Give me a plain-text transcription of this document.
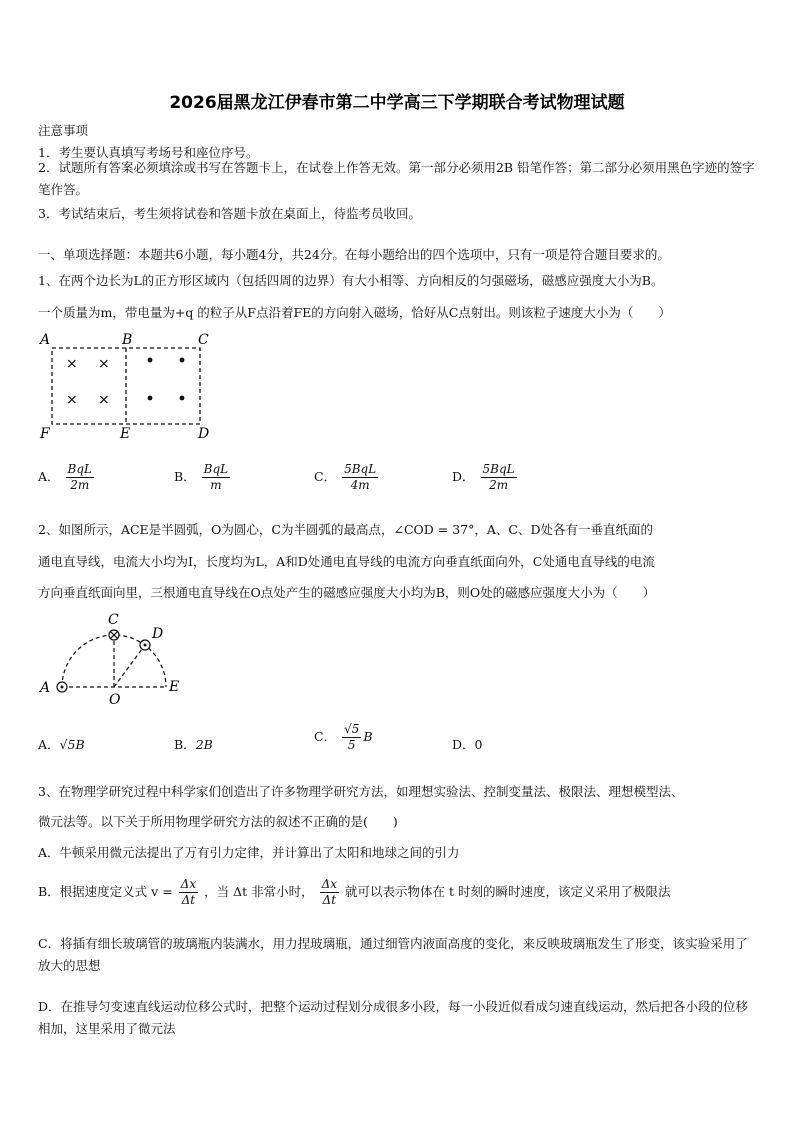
2026届黑龙江伊春市第二中学高三下学期联合考试物理试题
注意事项
1．考生要认真填写考场号和座位序号。
2．试题所有答案必须填涂或书写在答题卡上，在试卷上作答无效。第一部分必须用2B 铅笔作答；第二部分必须用黑色字迹的签字笔作答。
3．考试结束后，考生须将试卷和答题卡放在桌面上，待监考员收回。
一、单项选择题：本题共6小题，每小题4分，共24分。在每小题给出的四个选项中，只有一项是符合题目要求的。
1、在两个边长为L的正方形区域内（包括四周的边界）有大小相等、方向相反的匀强磁场，磁感应强度大小为B。
一个质量为m，带电量为+q 的粒子从F点沿着FE的方向射入磁场，恰好从C点射出。则该粒子速度大小为（　　）
A	B	C
F	E	D
× ×
× ×
A． $\frac{\text{BqL}}{2m}$	B． $\frac{\text{BqL}}{m}$	C． $\frac{\text{5BqL}}{4m}$	D． $\frac{\text{5BqL}}{2m}$
2、如图所示，ACE是半圆弧，O为圆心，C为半圆弧的最高点，∠COD = 37°，A、C、D处各有一垂直纸面的
通电直导线，电流大小均为I，长度均为L，A和D处通电直导线的电流方向垂直纸面向外，C处通电直导线的电流
方向垂直纸面向里，三根通电直导线在O点处产生的磁感应强度大小均为B，则O处的磁感应强度大小为（　　）
C
D
A
O
E
A．√5B	B．2B
C． $\frac{√5}{5}$ B
D．0
3、在物理学研究过程中科学家们创造出了许多物理学研究方法，如理想实验法、控制变量法、极限法、理想模型法、
微元法等。以下关于所用物理学研究方法的叙述不正确的是(　　)
A．牛顿采用微元法提出了万有引力定律，并计算出了太阳和地球之间的引力
B．根据速度定义式 $v = \frac{\Delta x}{\Delta t}$ ，当 Δt 非常小时， $\frac{\Delta x}{\Delta t}$ 就可以表示物体在 t 时刻的瞬时速度，该定义采用了极限法
C．将插有细长玻璃管的玻璃瓶内装满水，用力捏玻璃瓶，通过细管内液面高度的变化，来反映玻璃瓶发生了形变，该实验采用了放大的思想
D．在推导匀变速直线运动位移公式时，把整个运动过程划分成很多小段，每一小段近似看成匀速直线运动，然后把各小段的位移相加，这里采用了微元法
